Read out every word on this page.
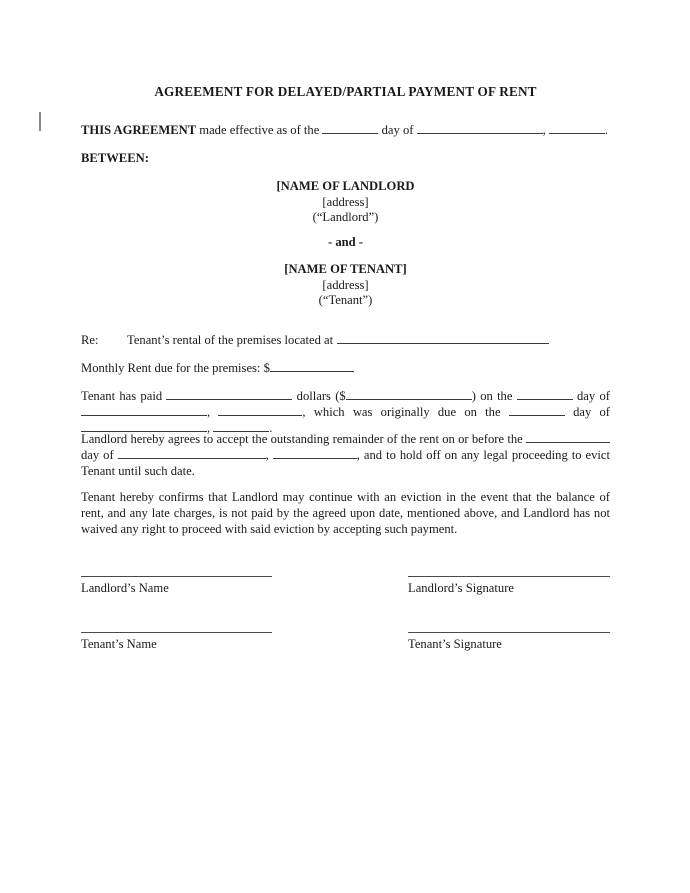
AGREEMENT FOR DELAYED/PARTIAL PAYMENT OF RENT
THIS AGREEMENT made effective as of the	day of	,	.
BETWEEN:
[NAME OF LANDLORD
[address]
(“Landlord”)
- and -
[NAME OF TENANT]
[address]
(“Tenant”)
Re:	Tenant’s rental of the premises located at
Monthly Rent due for the premises: $
Tenant has paid	dollars ($	) on the	day of ,	, which was originally due on the	day of ,	.
Landlord hereby agrees to accept the outstanding remainder of the rent on or before the  day of	,	, and to hold off on any legal proceeding to evict Tenant until such date.
Tenant hereby confirms that Landlord may continue with an eviction in the event that the balance of rent, and any late charges, is not paid by the agreed upon date, mentioned above, and Landlord has not waived any right to proceed with said eviction by accepting such payment.
Landlord’s Name	Landlord’s Signature
Tenant’s Name	Tenant’s Signature
